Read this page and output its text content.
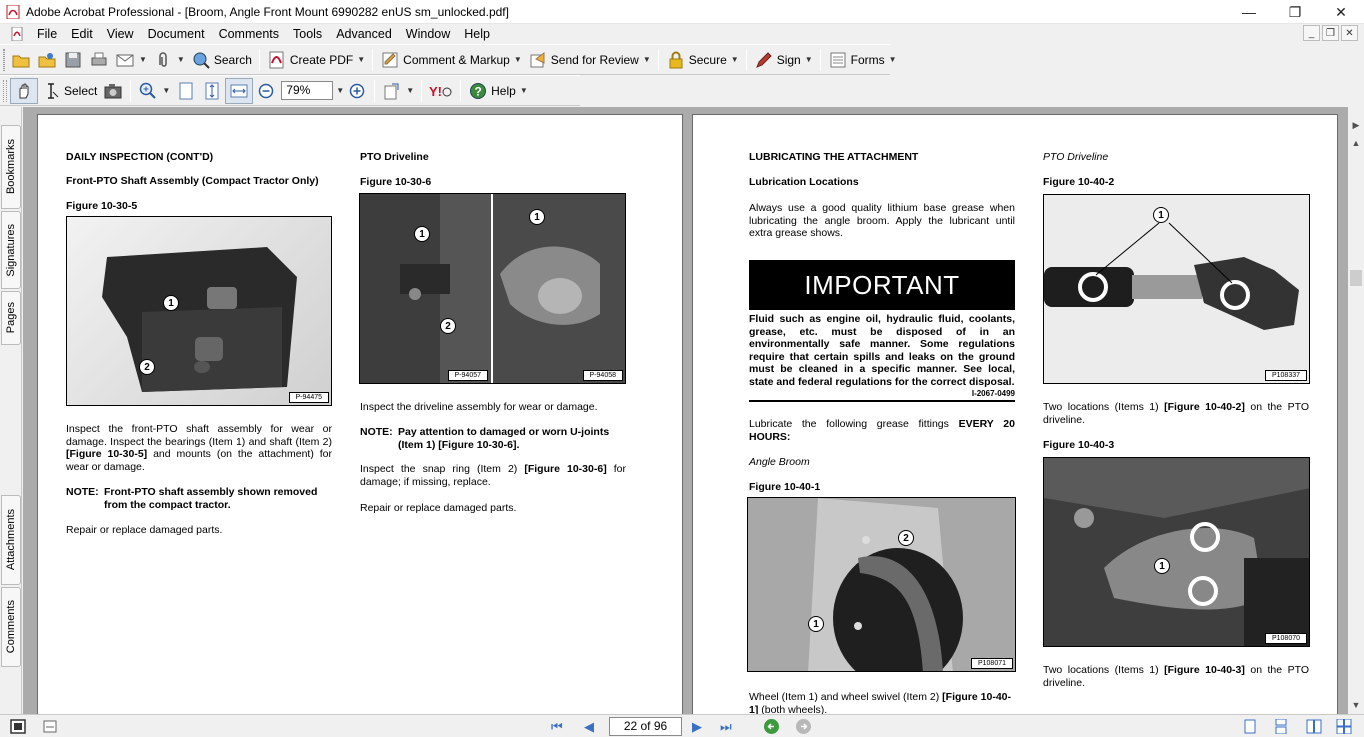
Adobe Acrobat Professional - [Broom, Angle Front Mount 6990282 enUS sm_unlocked.pdf]	—	❐	✕
File	Edit	View	Document	Comments	Tools	Advanced	Window	Help	_	❐	✕
▼	▼ Search	Create PDF ▼	Comment & Markup ▼ Send for Review ▼	Secure ▼	Sign ▼	Forms ▼
Select	▼	79%	▼	▼ Y!	? Help ▼
Bookmarks
Signatures
Pages
Attachments
Comments
DAILY INSPECTION (CONT'D)
Front-PTO Shaft Assembly (Compact Tractor Only)
Figure 10-30-5
1
2
P-94475
Inspect the front-PTO shaft assembly for wear or damage. Inspect the bearings (Item 1) and shaft (Item 2) [Figure 10-30-5] and mounts (on the attachment) for wear or damage.
NOTE: Front-PTO shaft assembly shown removed from the compact tractor.
Repair or replace damaged parts.
PTO Driveline
Figure 10-30-6
1
2
1
P-94057	P-94058
Inspect the driveline assembly for wear or damage.
NOTE: Pay attention to damaged or worn U-joints (Item 1) [Figure 10-30-6].
Inspect the snap ring (Item 2) [Figure 10-30-6] for damage; if missing, replace.
Repair or replace damaged parts.
LUBRICATING THE ATTACHMENT
Lubrication Locations
Always use a good quality lithium base grease when lubricating the angle broom. Apply the lubricant until extra grease shows.
IMPORTANT
Fluid such as engine oil, hydraulic fluid, coolants, grease, etc. must be disposed of in an environmentally safe manner. Some regulations require that certain spills and leaks on the ground must be cleaned in a specific manner. See local, state and federal regulations for the correct disposal.
I-2067-0499
Lubricate the following grease fittings EVERY 20 HOURS:
Angle Broom
Figure 10-40-1
1
2
P108071
Wheel (Item 1) and wheel swivel (Item 2) [Figure 10-40-1] (both wheels).
PTO Driveline
Figure 10-40-2
1
P108337
Two locations (Items 1) [Figure 10-40-2] on the PTO driveline.
Figure 10-40-3
1
P108070
Two locations (Items 1) [Figure 10-40-3] on the PTO driveline.
▶
▲
▼
⏮ ◀	22 of 96	▶ ⏭
